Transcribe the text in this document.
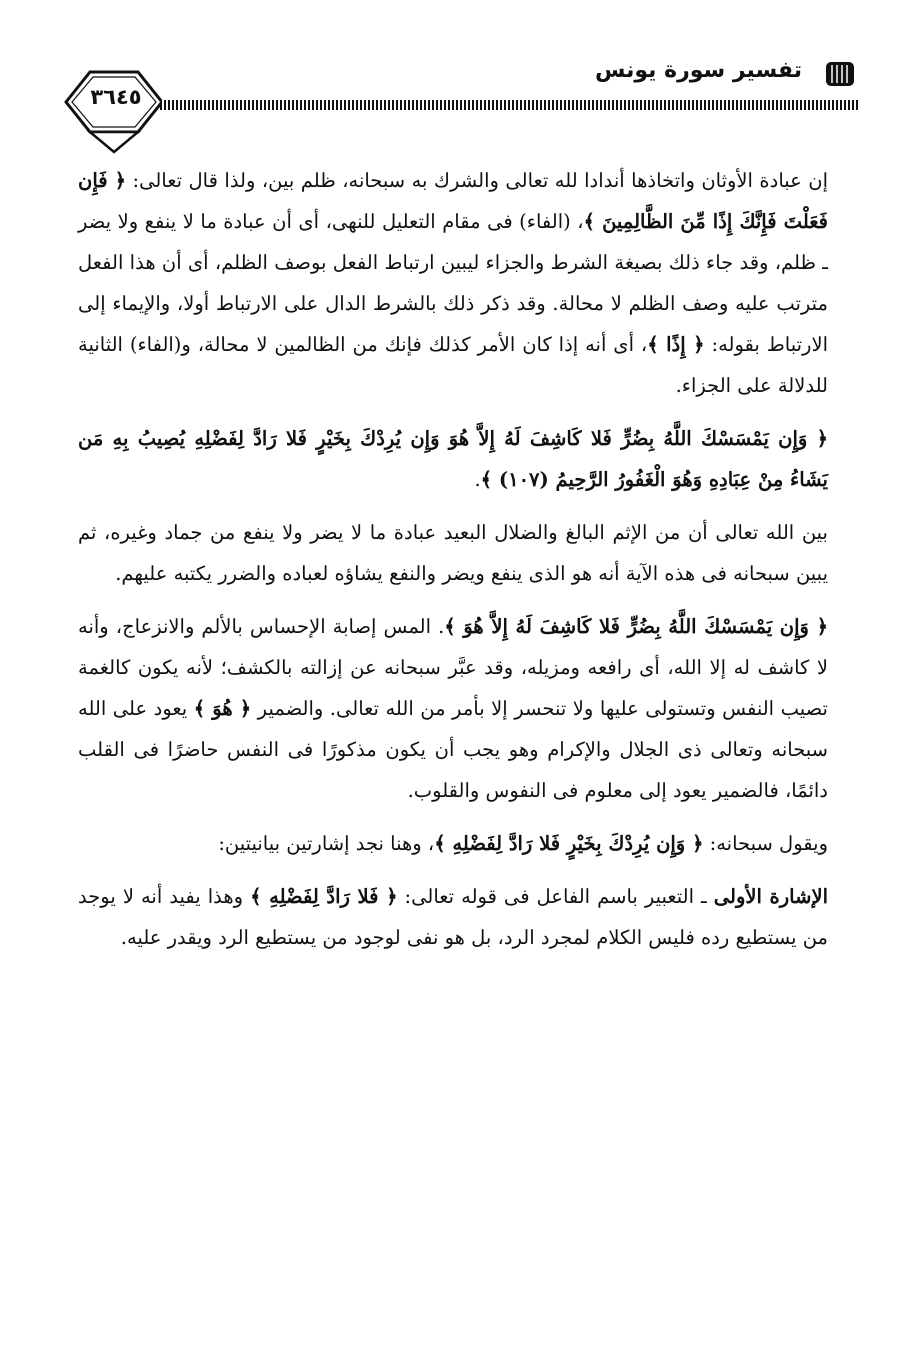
٣٦٤٥
تفسير سورة يونس

إن عبادة الأوثان واتخاذها أندادا لله تعالى والشرك به سبحانه، ظلم بين، ولذا قال تعالى: ﴿ فَإِن فَعَلْتَ فَإِنَّكَ إِذًا مِّنَ الظَّالِمِينَ ﴾، (الفاء) فى مقام التعليل للنهى، أى أن عبادة ما لا ينفع ولا يضر ـ ظلم، وقد جاء ذلك بصيغة الشرط والجزاء ليبين ارتباط الفعل بوصف الظلم، أى أن هذا الفعل مترتب عليه وصف الظلم لا محالة. وقد ذكر ذلك بالشرط الدال على الارتباط أولا، والإيماء إلى الارتباط بقوله: ﴿ إِذًا ﴾، أى أنه إذا كان الأمر كذلك فإنك من الظالمين لا محالة، و(الفاء) الثانية للدلالة على الجزاء.

﴿ وَإِن يَمْسَسْكَ اللَّهُ بِضُرٍّ فَلا كَاشِفَ لَهُ إِلاَّ هُوَ وَإِن يُرِدْكَ بِخَيْرٍ فَلا رَادَّ لِفَضْلِهِ يُصِيبُ بِهِ مَن يَشَاءُ مِنْ عِبَادِهِ وَهُوَ الْغَفُورُ الرَّحِيمُ (١٠٧) ﴾.

بين الله تعالى أن من الإثم البالغ والضلال البعيد عبادة ما لا يضر ولا ينفع من جماد وغيره، ثم يبين سبحانه فى هذه الآية أنه هو الذى ينفع ويضر والنفع يشاؤه لعباده والضرر يكتبه عليهم.

﴿ وَإِن يَمْسَسْكَ اللَّهُ بِضُرٍّ فَلا كَاشِفَ لَهُ إِلاَّ هُوَ ﴾. المس إصابة الإحساس بالألم والانزعاج، وأنه لا كاشف له إلا الله، أى رافعه ومزيله، وقد عبَّر سبحانه عن إزالته بالكشف؛ لأنه يكون كالغمة تصيب النفس وتستولى عليها ولا تنحسر إلا بأمر من الله تعالى. والضمير ﴿ هُوَ ﴾ يعود على الله سبحانه وتعالى ذى الجلال والإكرام وهو يجب أن يكون مذكورًا فى النفس حاضرًا فى القلب دائمًا، فالضمير يعود إلى معلوم فى النفوس والقلوب.

ويقول سبحانه: ﴿ وَإِن يُرِدْكَ بِخَيْرٍ فَلا رَادَّ لِفَضْلِهِ ﴾، وهنا نجد إشارتين بيانيتين:

الإشارة الأولى ـ التعبير باسم الفاعل فى قوله تعالى: ﴿ فَلا رَادَّ لِفَضْلِهِ ﴾ وهذا يفيد أنه لا يوجد من يستطيع رده فليس الكلام لمجرد الرد، بل هو نفى لوجود من يستطيع الرد ويقدر عليه.
